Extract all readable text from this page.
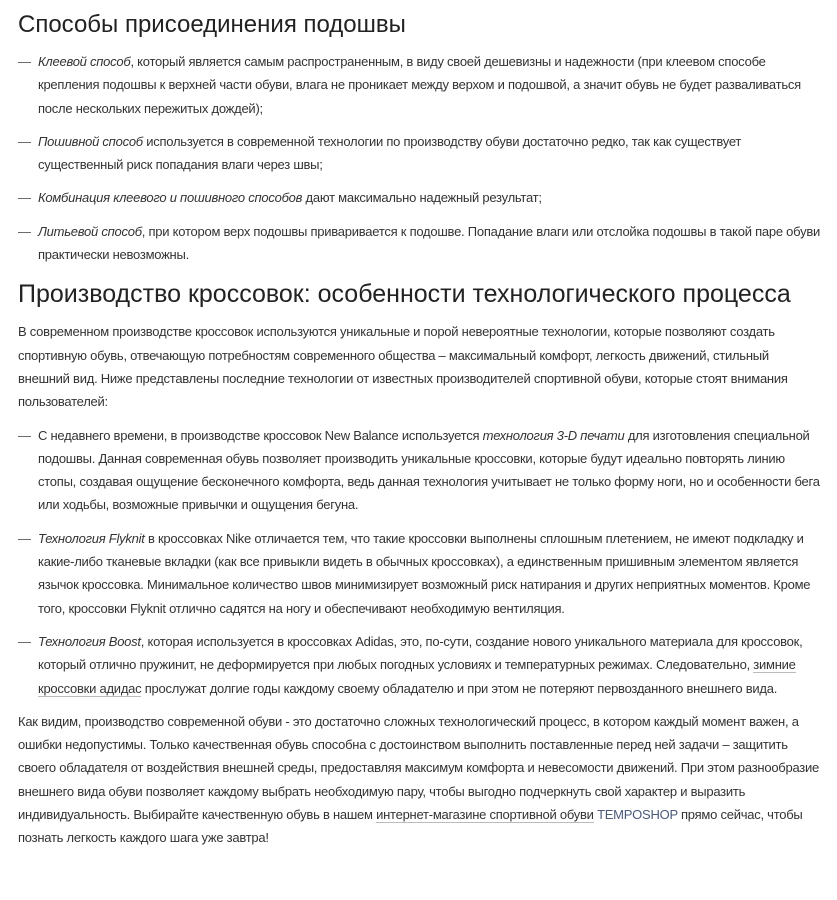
Способы присоединения подошвы
— Клеевой способ, который является самым распространенным, в виду своей дешевизны и надежности (при клеевом способе крепления подошвы к верхней части обуви, влага не проникает между верхом и подошвой, а значит обувь не будет разваливаться после нескольких пережитых дождей);
— Пошивной способ используется в современной технологии по производству обуви достаточно редко, так как существует существенный риск попадания влаги через швы;
— Комбинация клеевого и пошивного способов дают максимально надежный результат;
— Литьевой способ, при котором верх подошвы приваривается к подошве. Попадание влаги или отслойка подошвы в такой паре обуви практически невозможны.
Производство кроссовок: особенности технологического процесса

В современном производстве кроссовок используются уникальные и порой невероятные технологии, которые позволяют создать спортивную обувь, отвечающую потребностям современного общества – максимальный комфорт, легкость движений, стильный внешний вид. Ниже представлены последние технологии от известных производителей спортивной обуви, которые стоят внимания пользователей:

— С недавнего времени, в производстве кроссовок New Balance используется технология 3-D печати для изготовления специальной подошвы. Данная современная обувь позволяет производить уникальные кроссовки, которые будут идеально повторять линию стопы, создавая ощущение бесконечного комфорта, ведь данная технология учитывает не только форму ноги, но и особенности бега или ходьбы, возможные привычки и ощущения бегуна.
— Технология Flyknit в кроссовках Nike отличается тем, что такие кроссовки выполнены сплошным плетением, не имеют подкладку и какие-либо тканевые вкладки (как все привыкли видеть в обычных кроссовках), а единственным пришивным элементом является язычок кроссовка. Минимальное количество швов минимизирует возможный риск натирания и других неприятных моментов. Кроме того, кроссовки Flyknit отлично садятся на ногу и обеспечивают необходимую вентиляция.
— Технология Boost, которая используется в кроссовках Adidas, это, по-сути, создание нового уникального материала для кроссовок, который отлично пружинит, не деформируется при любых погодных условиях и температурных режимах. Следовательно, зимние кроссовки адидас прослужат долгие годы каждому своему обладателю и при этом не потеряют первозданного внешнего вида.

Как видим, производство современной обуви - это достаточно сложных технологический процесс, в котором каждый момент важен, а ошибки недопустимы. Только качественная обувь способна с достоинством выполнить поставленные перед ней задачи – защитить своего обладателя от воздействия внешней среды, предоставляя максимум комфорта и невесомости движений. При этом разнообразие внешнего вида обуви позволяет каждому выбрать необходимую пару, чтобы выгодно подчеркнуть свой характер и выразить индивидуальность. Выбирайте качественную обувь в нашем интернет-магазине спортивной обуви TEMPOSHOP прямо сейчас, чтобы познать легкость каждого шага уже завтра!
